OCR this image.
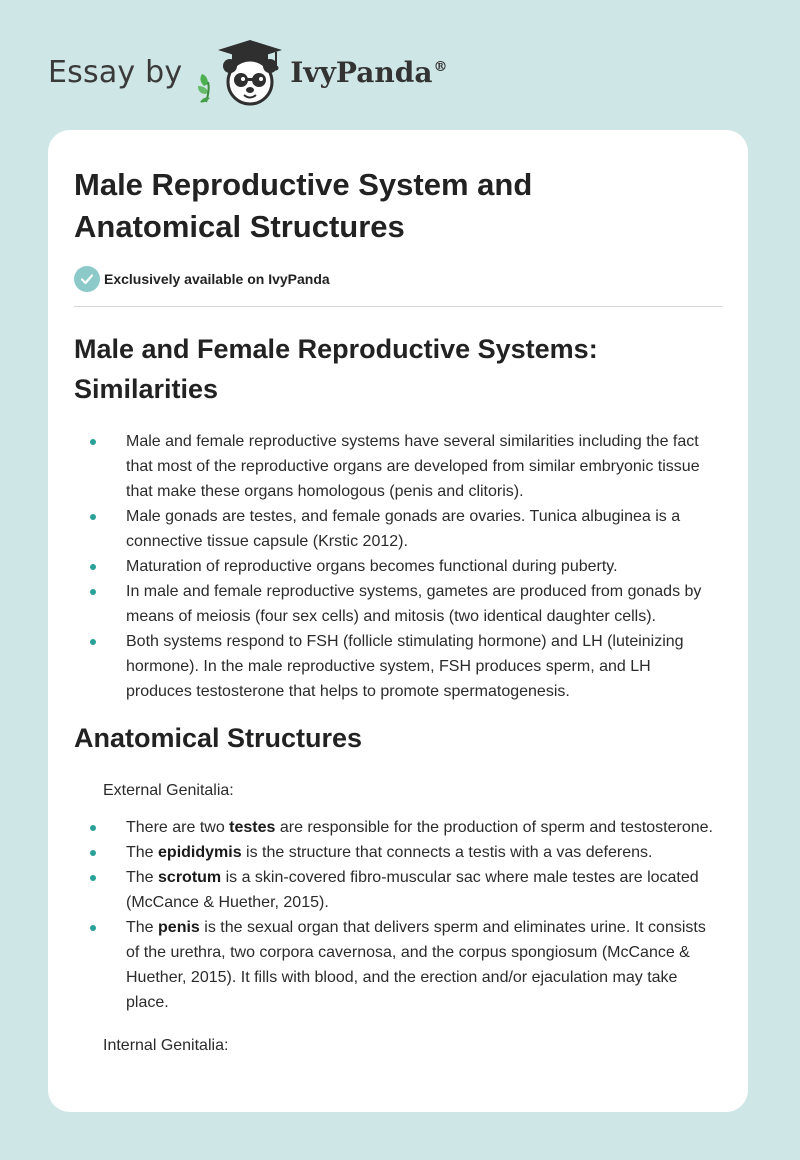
Essay by	IvyPanda®
Male Reproductive System and Anatomical Structures
Exclusively available on IvyPanda
Male and Female Reproductive Systems: Similarities
Male and female reproductive systems have several similarities including the fact that most of the reproductive organs are developed from similar embryonic tissue that make these organs homologous (penis and clitoris).
Male gonads are testes, and female gonads are ovaries. Tunica albuginea is a connective tissue capsule (Krstic 2012).
Maturation of reproductive organs becomes functional during puberty.
In male and female reproductive systems, gametes are produced from gonads by means of meiosis (four sex cells) and mitosis (two identical daughter cells).
Both systems respond to FSH (follicle stimulating hormone) and LH (luteinizing hormone). In the male reproductive system, FSH produces sperm, and LH produces testosterone that helps to promote spermatogenesis.
Anatomical Structures

External Genitalia:

There are two testes are responsible for the production of sperm and testosterone.
The epididymis is the structure that connects a testis with a vas deferens.
The scrotum is a skin-covered fibro-muscular sac where male testes are located (McCance & Huether, 2015).
The penis is the sexual organ that delivers sperm and eliminates urine. It consists of the urethra, two corpora cavernosa, and the corpus spongiosum (McCance & Huether, 2015). It fills with blood, and the erection and/or ejaculation may take place.

Internal Genitalia:
